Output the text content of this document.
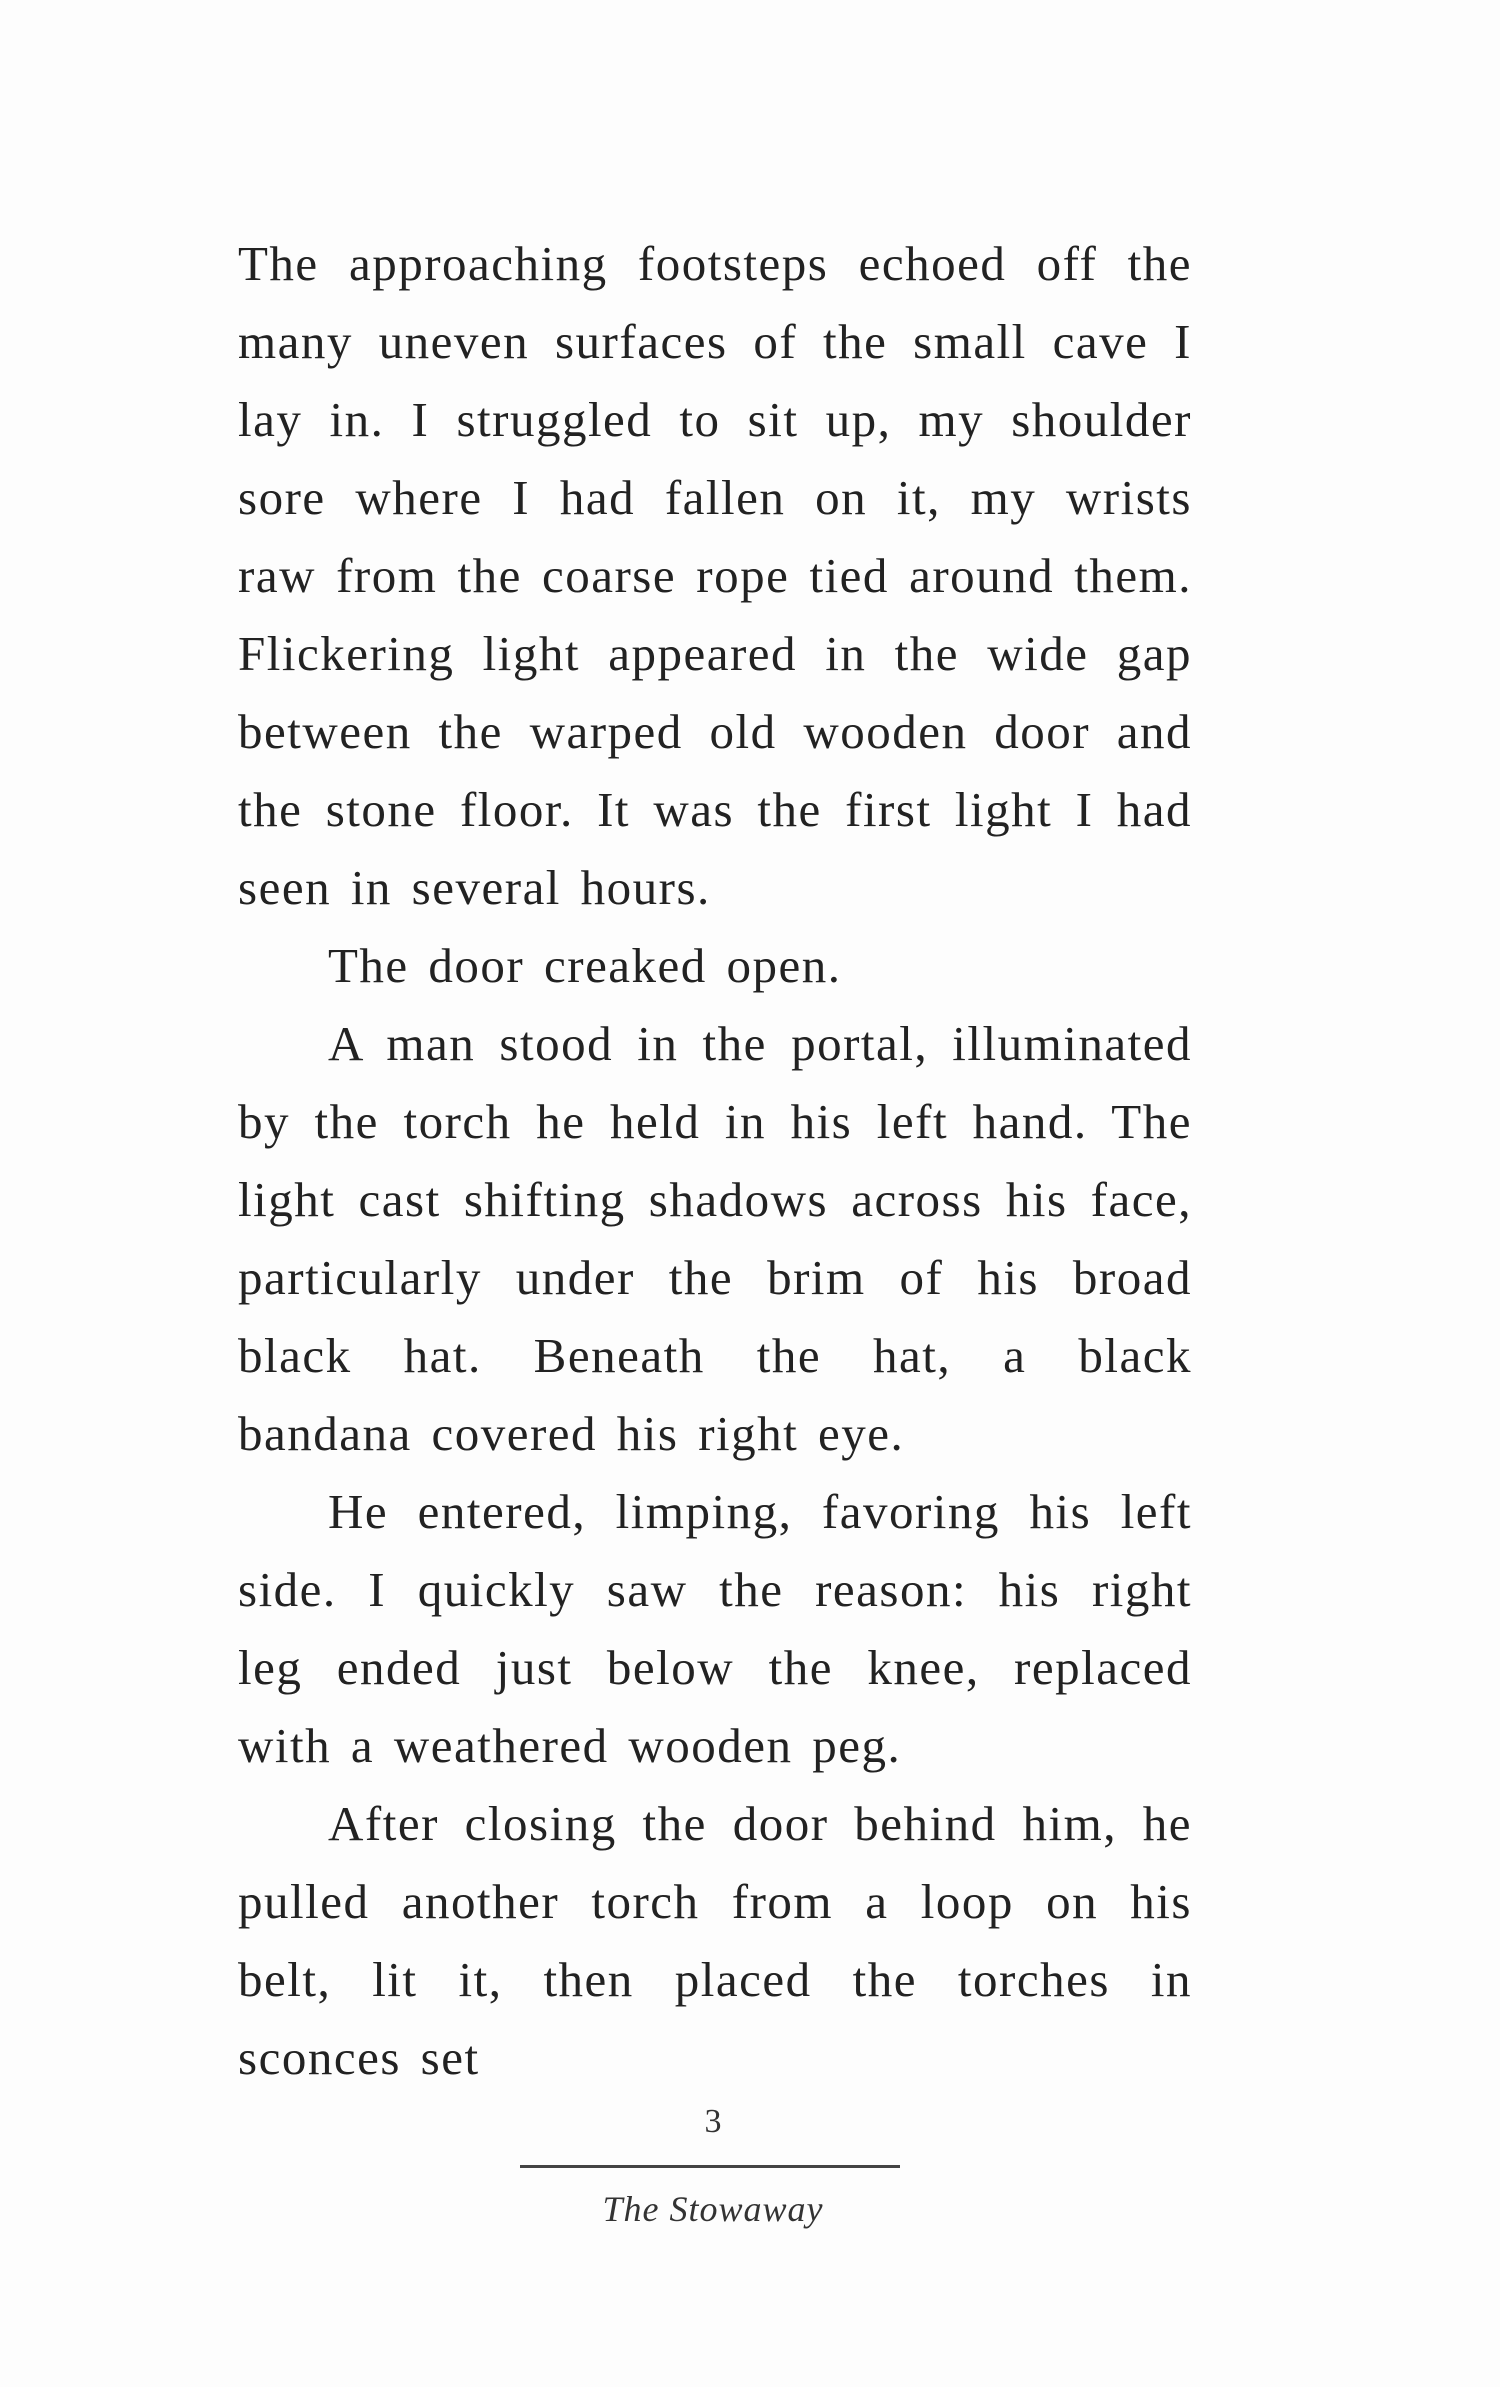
The approaching footsteps echoed off the many uneven surfaces of the small cave I lay in. I struggled to sit up, my shoulder sore where I had fallen on it, my wrists raw from the coarse rope tied around them. Flickering light appeared in the wide gap between the warped old wooden door and the stone floor. It was the first light I had seen in several hours.

The door creaked open.

A man stood in the portal, illuminated by the torch he held in his left hand. The light cast shifting shadows across his face, particularly under the brim of his broad black hat. Beneath the hat, a black bandana covered his right eye.

He entered, limping, favoring his left side. I quickly saw the reason: his right leg ended just below the knee, replaced with a weathered wooden peg.

After closing the door behind him, he pulled another torch from a loop on his belt, lit it, then placed the torches in sconces set

3
The Stowaway
